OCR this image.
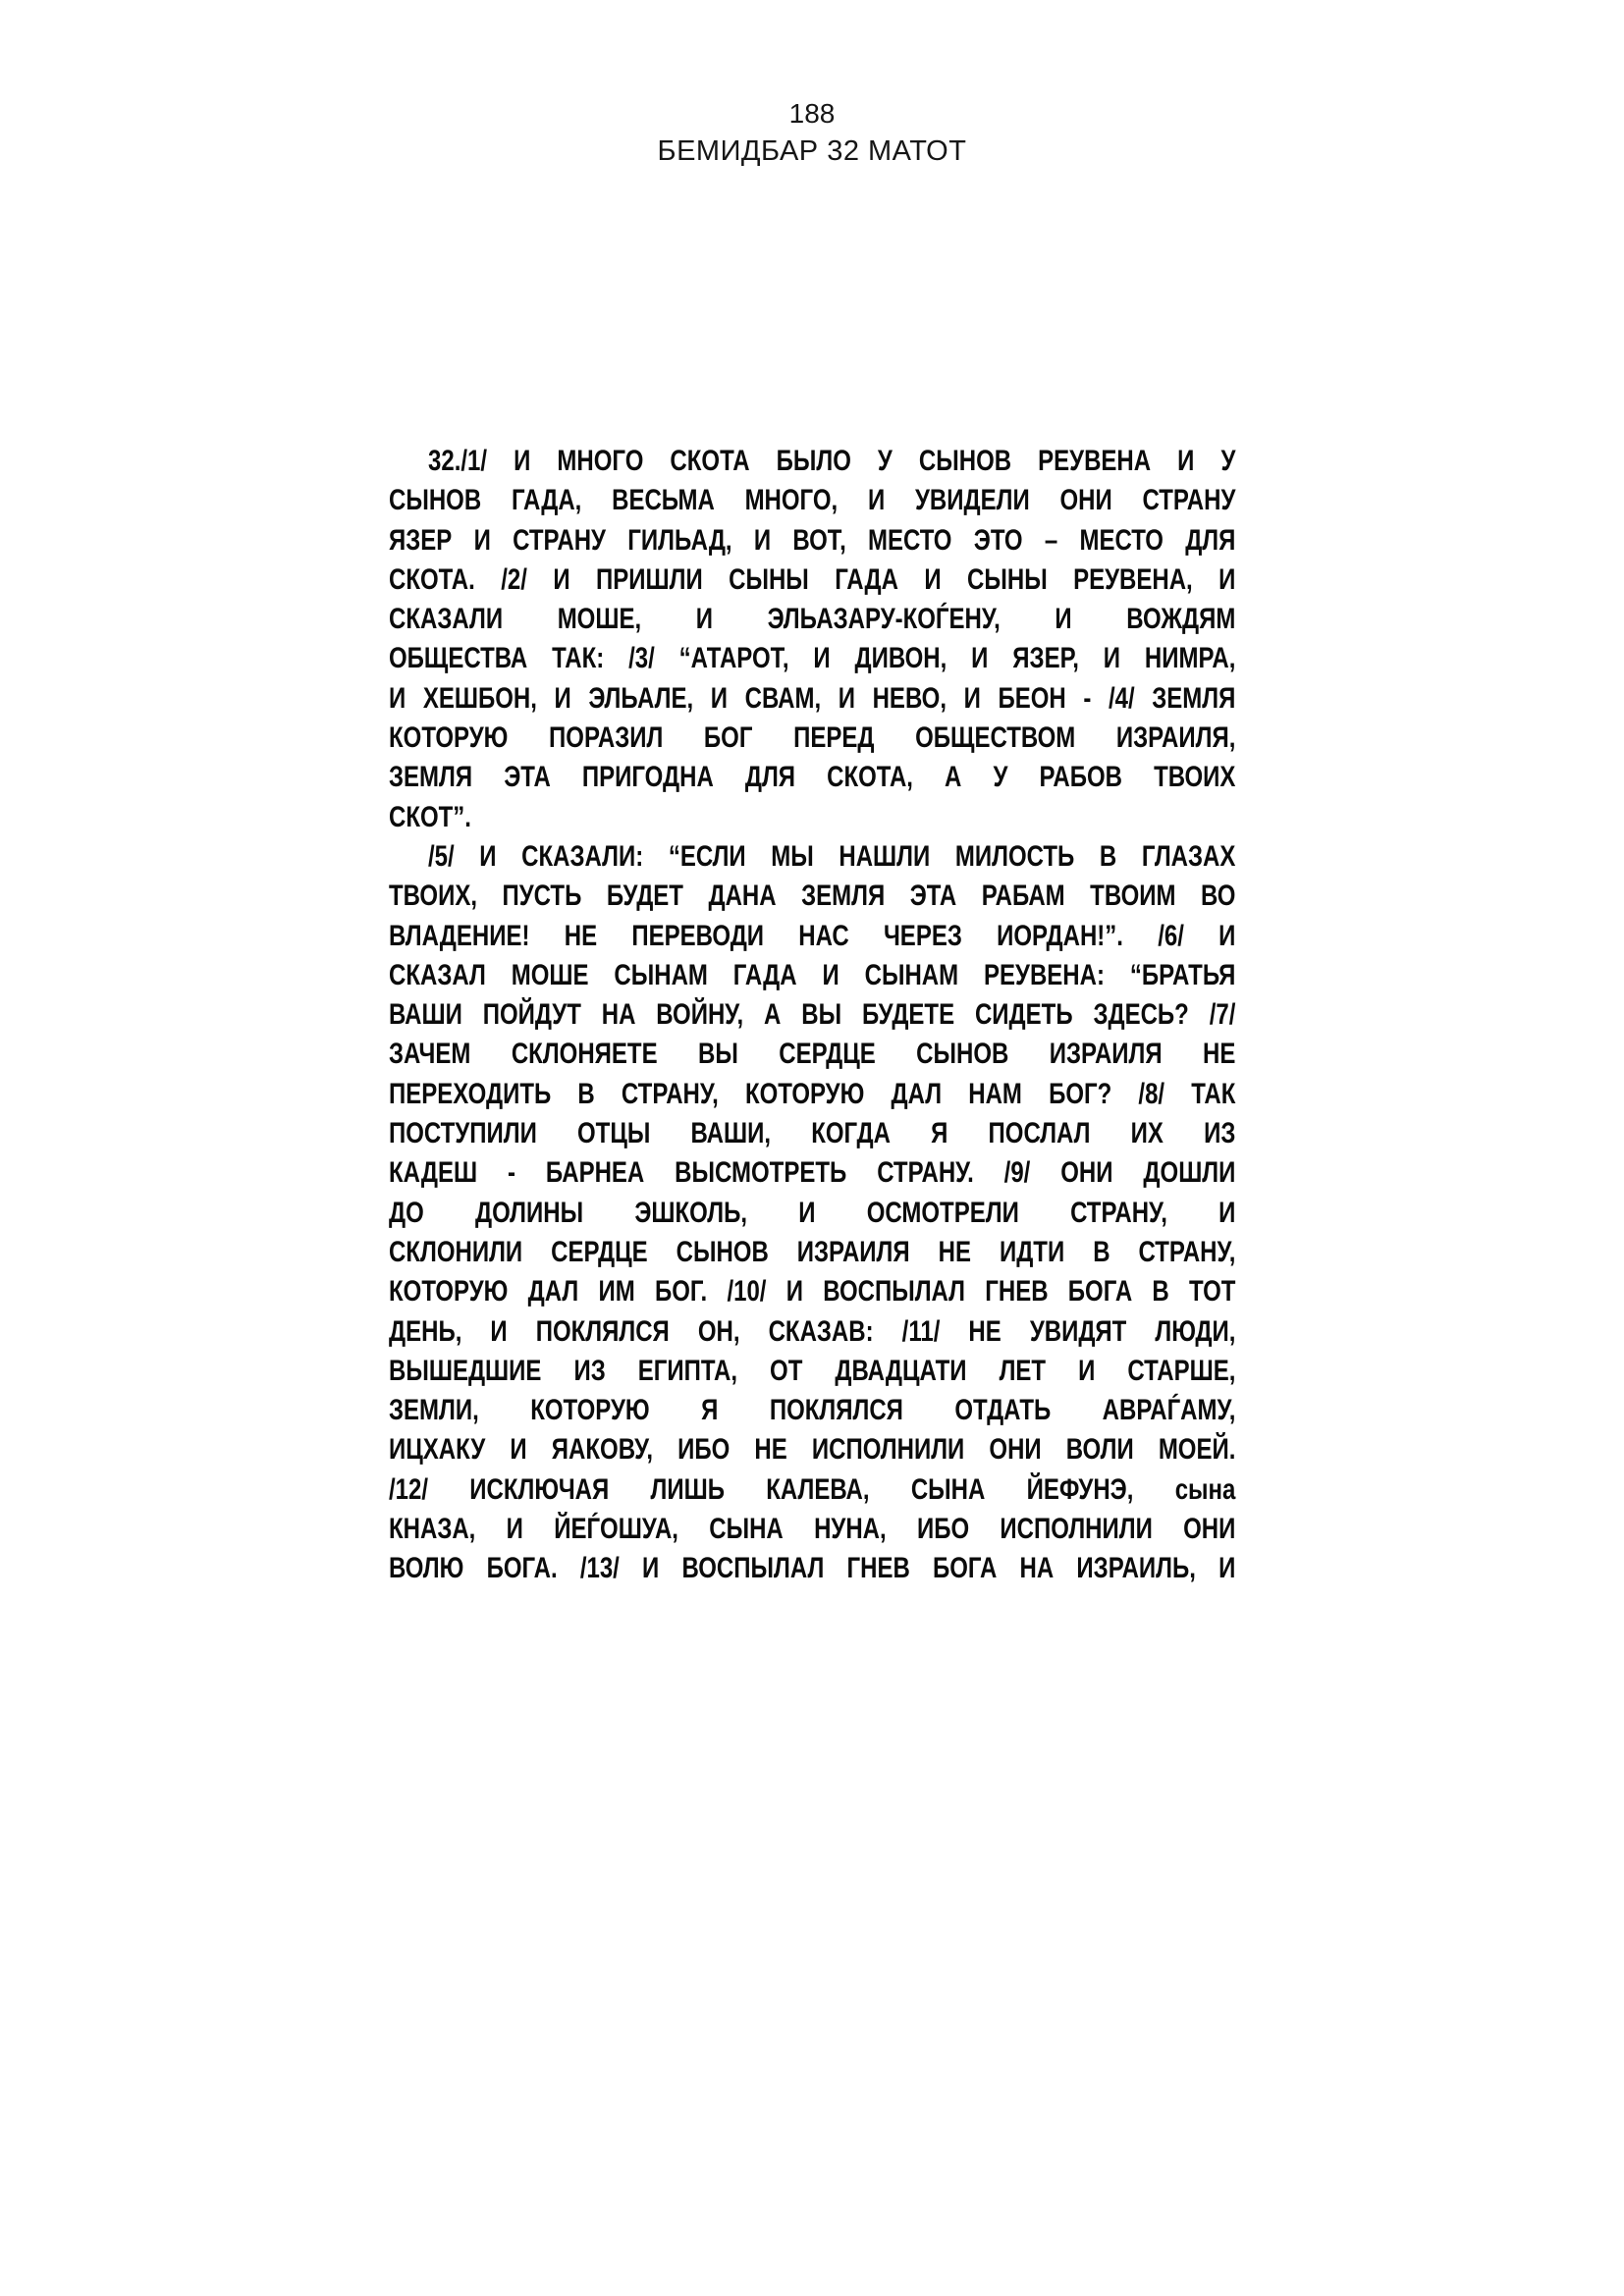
188
БЕМИДБАР 32 МАТОТ
32./1/ И МНОГО СКОТА БЫЛО У СЫНОВ РЕУВЕНА И У
СЫНОВ ГАДА, ВЕСЬМА МНОГО, И УВИДЕЛИ ОНИ СТРАНУ
ЯЗЕР И СТРАНУ ГИЛЬАД, И ВОТ, МЕСТО ЭТО – МЕСТО ДЛЯ
СКОТА. /2/ И ПРИШЛИ СЫНЫ ГАДА И СЫНЫ РЕУВЕНА, И
СКАЗАЛИ МОШЕ, И ЭЛЬАЗАРУ-КОЃЕНУ, И ВОЖДЯМ
ОБЩЕСТВА ТАК: /3/ “АТАРОТ, И ДИВОН, И ЯЗЕР, И НИМРА,
И ХЕШБОН, И ЭЛЬАЛЕ, И СВАМ, И НЕВО, И БЕОН - /4/ ЗЕМЛЯ
КОТОРУЮ ПОРАЗИЛ БОГ ПЕРЕД ОБЩЕСТВОМ ИЗРАИЛЯ,
ЗЕМЛЯ ЭТА ПРИГОДНА ДЛЯ СКОТА, А У РАБОВ ТВОИХ
СКОТ”.
/5/ И СКАЗАЛИ: “ЕСЛИ МЫ НАШЛИ МИЛОСТЬ В ГЛАЗАХ
ТВОИХ, ПУСТЬ БУДЕТ ДАНА ЗЕМЛЯ ЭТА РАБАМ ТВОИМ ВО
ВЛАДЕНИЕ! НЕ ПЕРЕВОДИ НАС ЧЕРЕЗ ИОРДАН!”. /6/ И
СКАЗАЛ МОШЕ СЫНАМ ГАДА И СЫНАМ РЕУВЕНА: “БРАТЬЯ
ВАШИ ПОЙДУТ НА ВОЙНУ, А ВЫ БУДЕТЕ СИДЕТЬ ЗДЕСЬ? /7/
ЗАЧЕМ СКЛОНЯЕТЕ ВЫ СЕРДЦЕ СЫНОВ ИЗРАИЛЯ НЕ
ПЕРЕХОДИТЬ В СТРАНУ, КОТОРУЮ ДАЛ НАМ БОГ? /8/ ТАК
ПОСТУПИЛИ ОТЦЫ ВАШИ, КОГДА Я ПОСЛАЛ ИХ ИЗ
КАДЕШ - БАРНЕА ВЫСМОТРЕТЬ СТРАНУ. /9/ ОНИ ДОШЛИ
ДО ДОЛИНЫ ЭШКОЛЬ, И ОСМОТРЕЛИ СТРАНУ, И
СКЛОНИЛИ СЕРДЦЕ СЫНОВ ИЗРАИЛЯ НЕ ИДТИ В СТРАНУ,
КОТОРУЮ ДАЛ ИМ БОГ. /10/ И ВОСПЫЛАЛ ГНЕВ БОГА В ТОТ
ДЕНЬ, И ПОКЛЯЛСЯ ОН, СКАЗАВ: /11/ НЕ УВИДЯТ ЛЮДИ,
ВЫШЕДШИЕ ИЗ ЕГИПТА, ОТ ДВАДЦАТИ ЛЕТ И СТАРШЕ,
ЗЕМЛИ, КОТОРУЮ Я ПОКЛЯЛСЯ ОТДАТЬ АВРАЃАМУ,
ИЦХАКУ И ЯАКОВУ, ИБО НЕ ИСПОЛНИЛИ ОНИ ВОЛИ МОЕЙ.
/12/ ИСКЛЮЧАЯ ЛИШЬ КАЛЕВА, СЫНА ЙЕФУНЭ, сына
КНАЗА, И ЙЕЃОШУА, СЫНА НУНА, ИБО ИСПОЛНИЛИ ОНИ
ВОЛЮ БОГА. /13/ И ВОСПЫЛАЛ ГНЕВ БОГА НА ИЗРАИЛЬ, И
